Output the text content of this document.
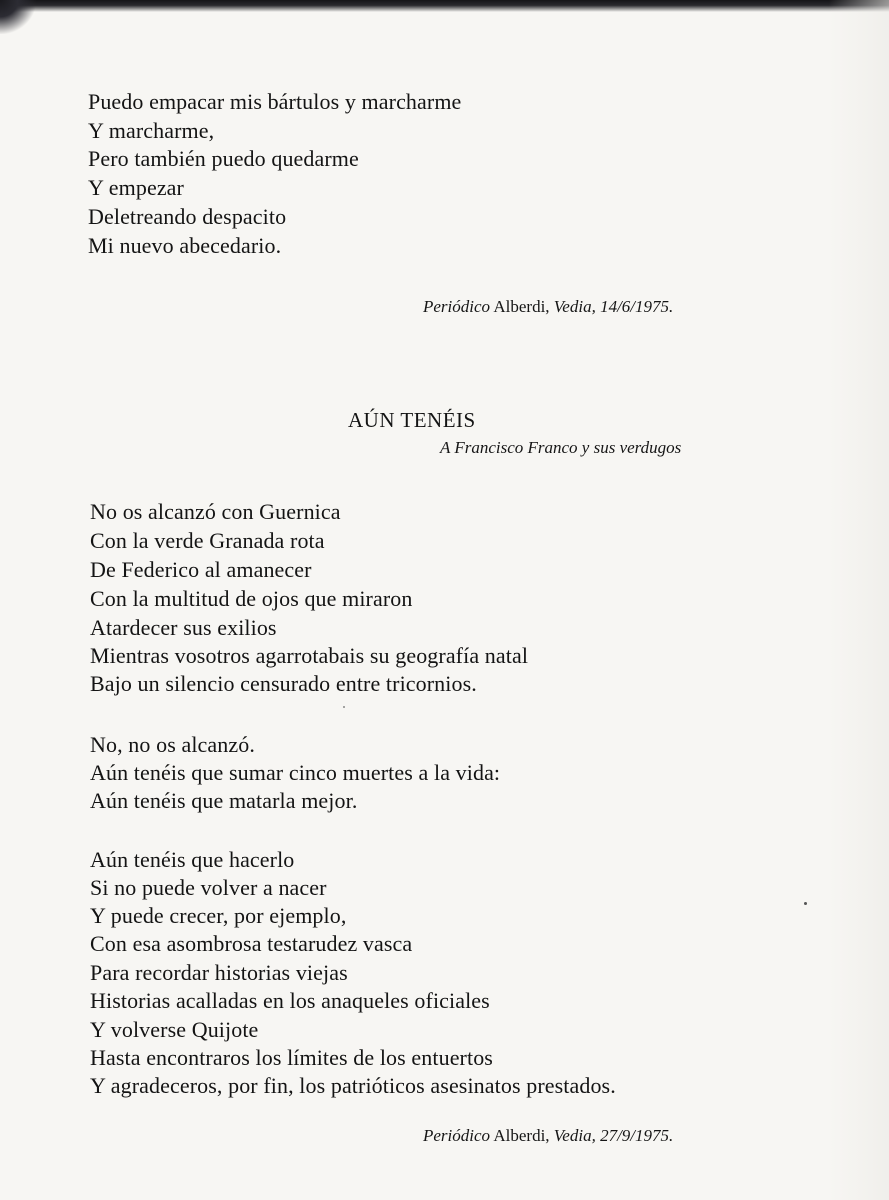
Puedo empacar mis bártulos y marcharme
Y marcharme,
Pero también puedo quedarme
Y empezar
Deletreando despacito
Mi nuevo abecedario.
Periódico Alberdi, Vedia, 14/6/1975.
AÚN TENÉIS
A Francisco Franco y sus verdugos
No os alcanzó con Guernica
Con la verde Granada rota
De Federico al amanecer
Con la multitud de ojos que miraron
Atardecer sus exilios
Mientras vosotros agarrotabais su geografía natal
Bajo un silencio censurado entre tricornios.
No, no os alcanzó.
Aún tenéis que sumar cinco muertes a la vida:
Aún tenéis que matarla mejor.
Aún tenéis que hacerlo
Si no puede volver a nacer
Y puede crecer, por ejemplo,
Con esa asombrosa testarudez vasca
Para recordar historias viejas
Historias acalladas en los anaqueles oficiales
Y volverse Quijote
Hasta encontraros los límites de los entuertos
Y agradeceros, por fin, los patrióticos asesinatos prestados.
Periódico Alberdi, Vedia, 27/9/1975.
